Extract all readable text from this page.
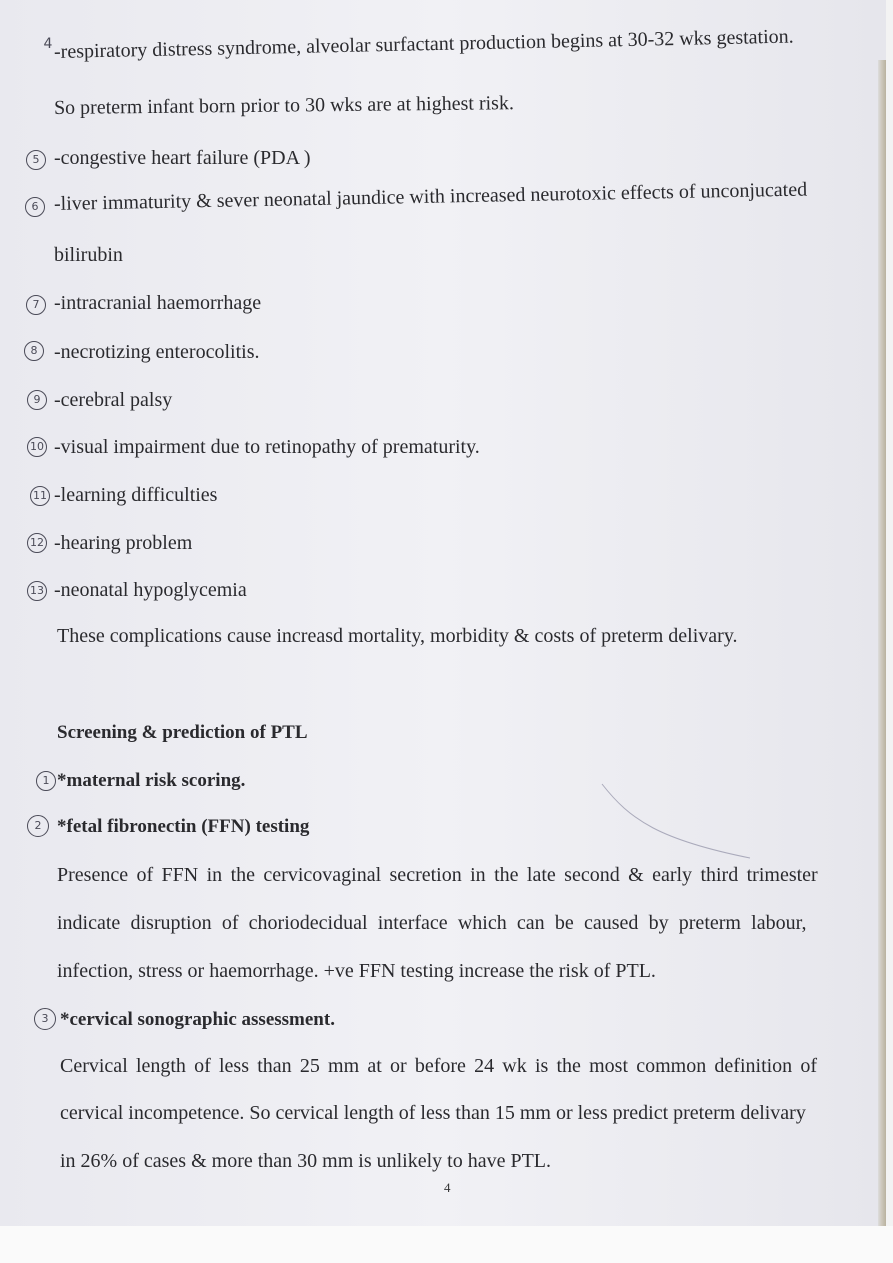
4 -respiratory distress syndrome, alveolar surfactant production begins at 30-32 wks gestation.
So preterm infant born prior to 30 wks are at highest risk.
5 -congestive heart failure (PDA )
6 -liver immaturity & sever neonatal jaundice with increased neurotoxic effects of unconjucated
bilirubin
7 -intracranial haemorrhage
8 -necrotizing enterocolitis.
9 -cerebral palsy
10 -visual impairment due to retinopathy of prematurity.
11 -learning difficulties
12 -hearing problem
13 -neonatal hypoglycemia
These complications cause increasd mortality, morbidity & costs of preterm delivary.
Screening & prediction of PTL
1 *maternal risk scoring.
2 *fetal fibronectin (FFN) testing
Presence of FFN in the cervicovaginal secretion in the late second & early third trimester
indicate disruption of choriodecidual interface which can be caused by preterm labour,
infection, stress or haemorrhage. +ve FFN testing increase the risk of PTL.
3 *cervical sonographic assessment.
Cervical length of less than 25 mm at or before 24 wk is the most common definition of
cervical incompetence. So cervical length of less than 15 mm or less predict preterm delivary
in 26% of cases & more than 30 mm is unlikely to have PTL.
4
